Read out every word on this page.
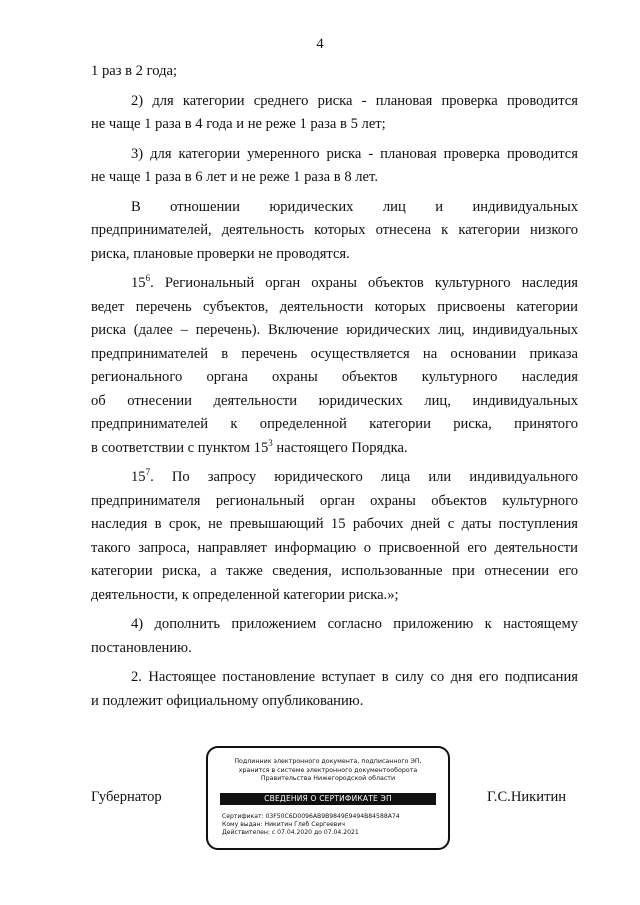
4
1 раз в 2 года;
2) для категории среднего риска - плановая проверка проводится
не чаще 1 раза в 4 года и не реже 1 раза в 5 лет;
3) для категории умеренного риска - плановая проверка проводится
не чаще 1 раза в 6 лет и не реже 1 раза в 8 лет.
В отношении юридических лиц и индивидуальных
предпринимателей, деятельность которых отнесена к категории низкого
риска, плановые проверки не проводятся.
$15^6$. Региональный орган охраны объектов культурного наследия
ведет перечень субъектов, деятельности которых присвоены категории
риска (далее – перечень). Включение юридических лиц, индивидуальных
предпринимателей в перечень осуществляется на основании приказа
регионального органа охраны объектов культурного наследия
об отнесении деятельности юридических лиц, индивидуальных
предпринимателей к определенной категории риска, принятого
в соответствии с пунктом $15^3$ настоящего Порядка.
$15^7$. По запросу юридического лица или индивидуального
предпринимателя региональный орган охраны объектов культурного
наследия в срок, не превышающий 15 рабочих дней с даты поступления
такого запроса, направляет информацию о присвоенной его деятельности
категории риска, а также сведения, использованные при отнесении его
деятельности, к определенной категории риска.»;
4) дополнить приложением согласно приложению к настоящему
постановлению.
2. Настоящее постановление вступает в силу со дня его подписания
и подлежит официальному опубликованию.
Губернатор	Г.С.Никитин
Подлинник электронного документа, подписанного ЭП,
хранится в системе электронного документооборота
Правительства Нижегородской области
СВЕДЕНИЯ О СЕРТИФИКАТЕ ЭП
Сертификат: 03F50C6D0096AB9B9849E9494B84588A74
Кому выдан: Никитин Глеб Сергеевич
Действителен: с 07.04.2020 до 07.04.2021
